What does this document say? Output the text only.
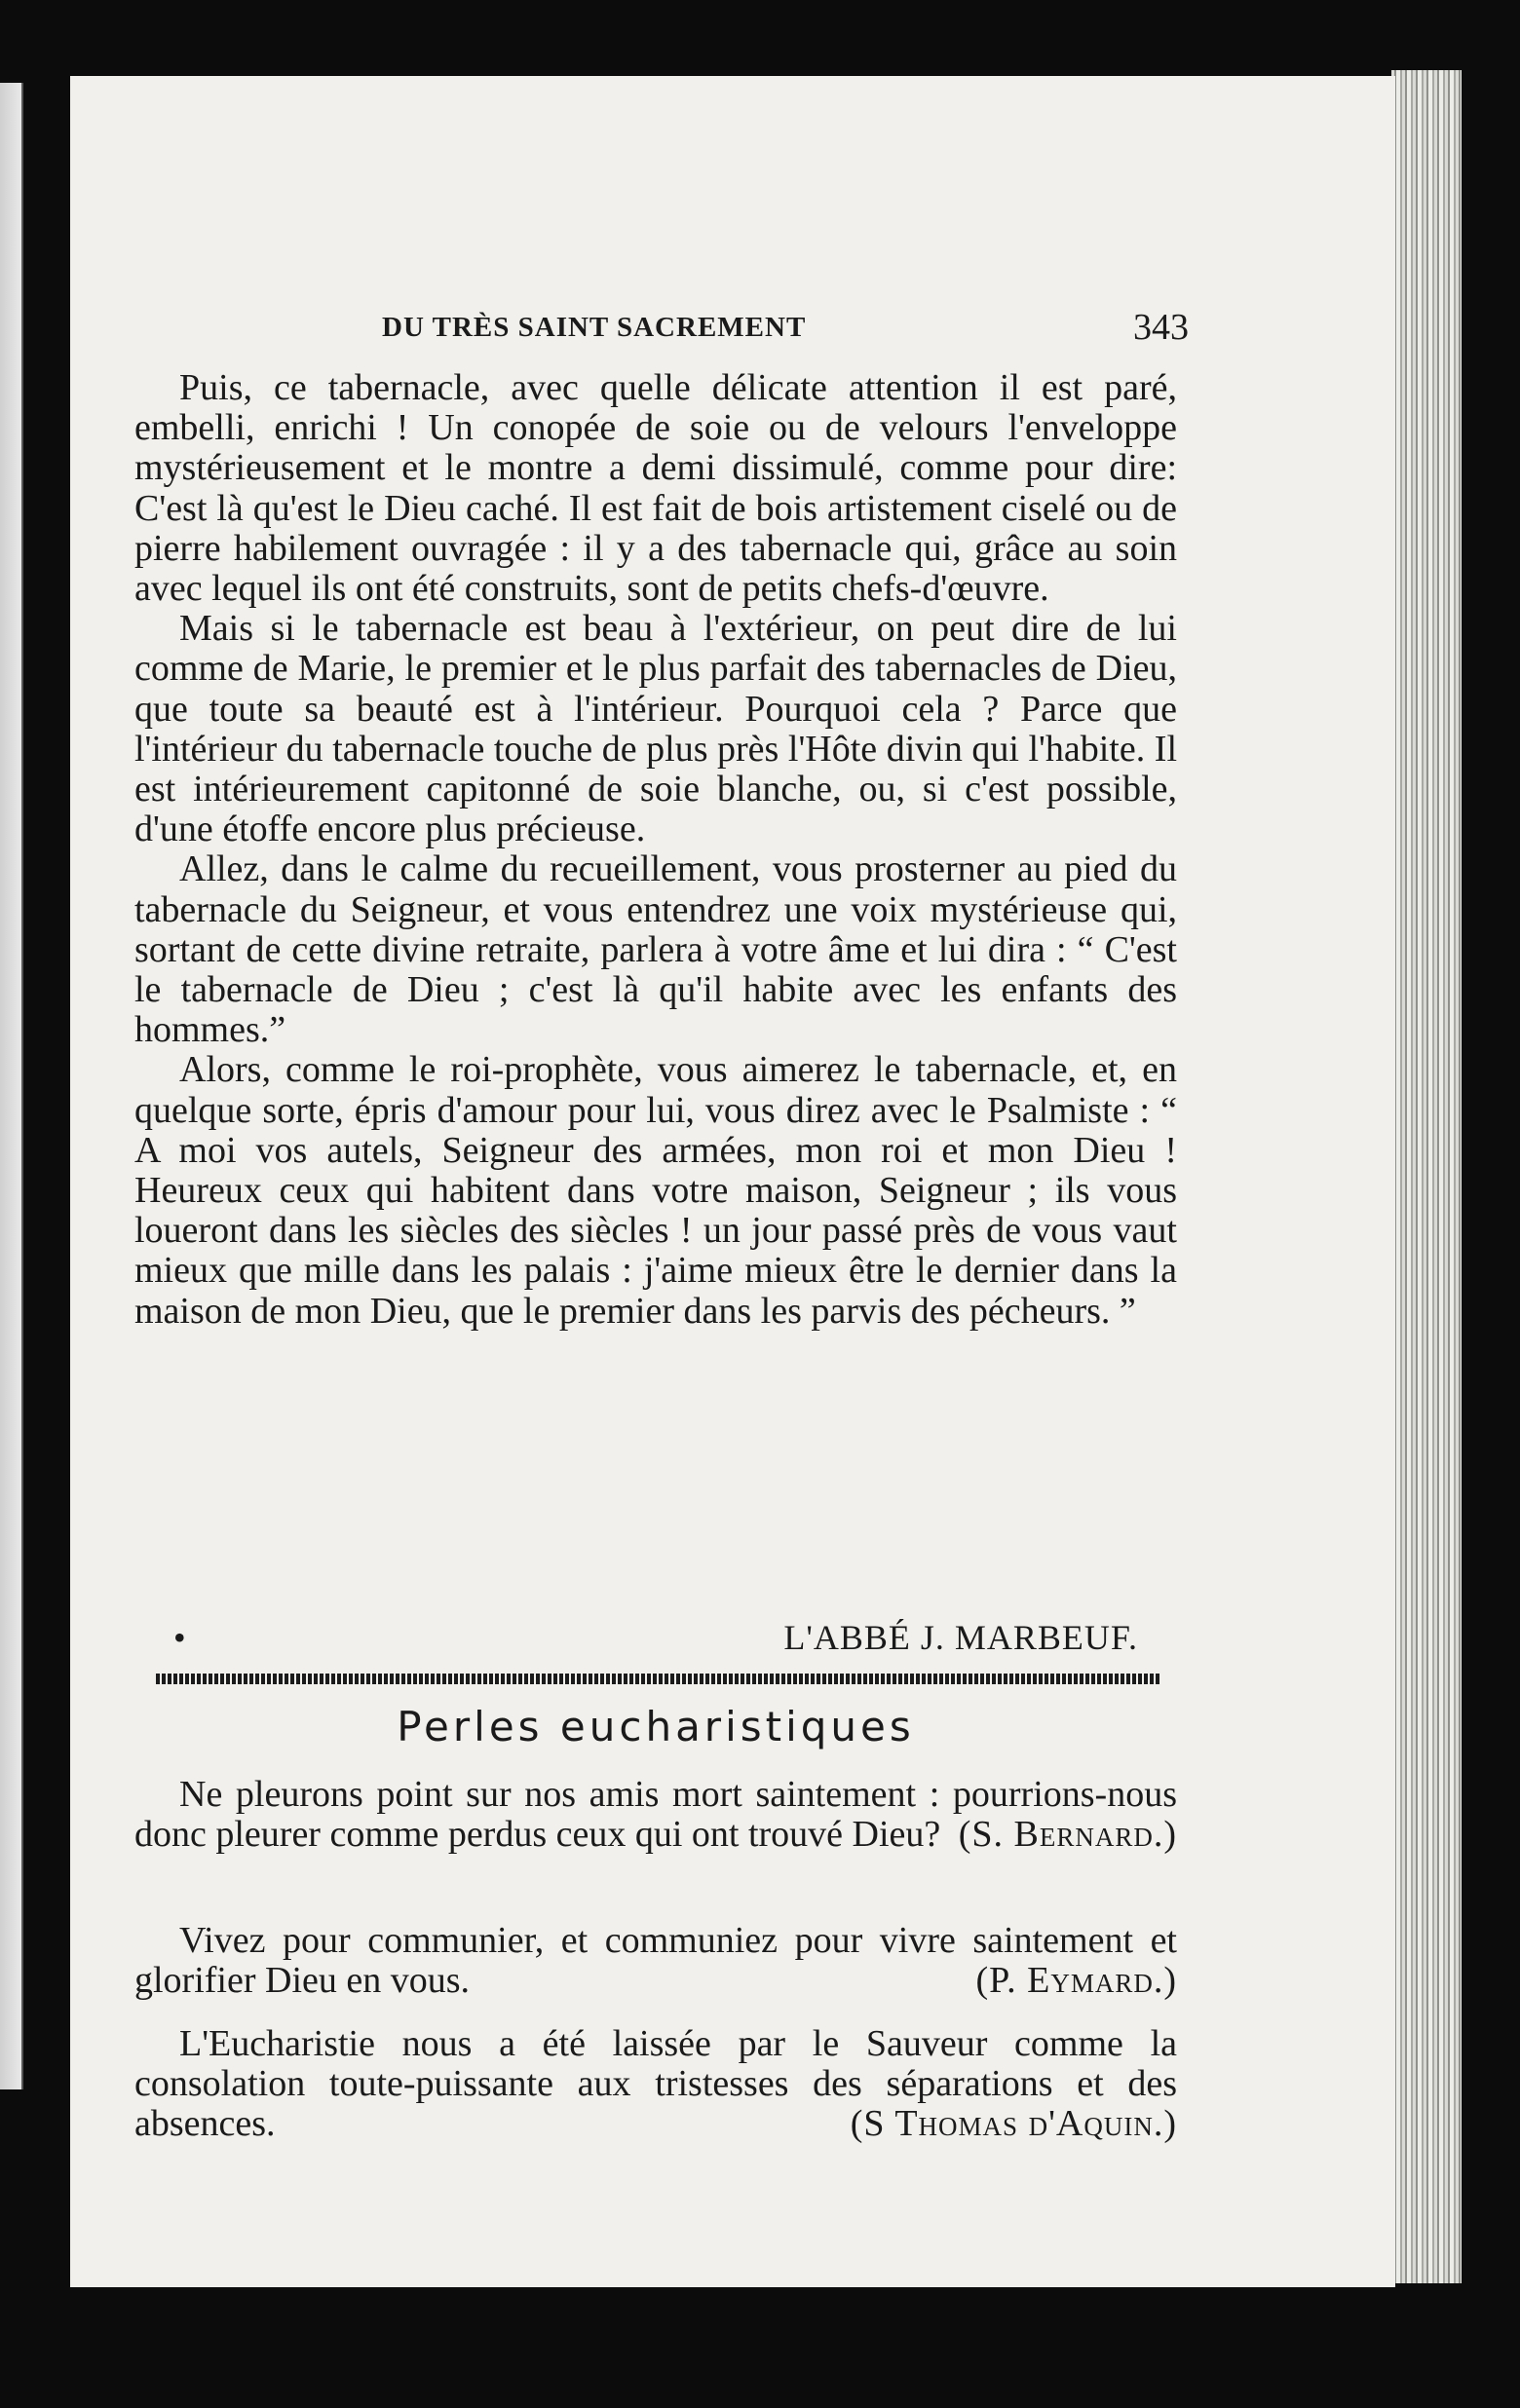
DU TRÈS SAINT SACREMENT	343

Puis, ce tabernacle, avec quelle délicate attention il est paré, embelli, enrichi ! Un conopée de soie ou de velours l'enveloppe mystérieusement et le montre a demi dissimulé, comme pour dire: C'est là qu'est le Dieu caché. Il est fait de bois artistement ciselé ou de pierre habilement ouvragée : il y a des tabernacle qui, grâce au soin avec lequel ils ont été construits, sont de petits chefs-d'œuvre.

Mais si le tabernacle est beau à l'extérieur, on peut dire de lui comme de Marie, le premier et le plus parfait des tabernacles de Dieu, que toute sa beauté est à l'intérieur. Pourquoi cela ? Parce que l'intérieur du tabernacle touche de plus près l'Hôte divin qui l'habite. Il est intérieurement capitonné de soie blanche, ou, si c'est possible, d'une étoffe encore plus précieuse.

Allez, dans le calme du recueillement, vous prosterner au pied du tabernacle du Seigneur, et vous entendrez une voix mystérieuse qui, sortant de cette divine retraite, parlera à votre âme et lui dira : “ C'est le tabernacle de Dieu ; c'est là qu'il habite avec les enfants des hommes.”

Alors, comme le roi-prophète, vous aimerez le tabernacle, et, en quelque sorte, épris d'amour pour lui, vous direz avec le Psalmiste : “ A moi vos autels, Seigneur des armées, mon roi et mon Dieu ! Heureux ceux qui habitent dans votre maison, Seigneur ; ils vous loueront dans les siècles des siècles ! un jour passé près de vous vaut mieux que mille dans les palais : j'aime mieux être le dernier dans la maison de mon Dieu, que le premier dans les parvis des pécheurs. ”

•	L'ABBÉ J. MARBEUF.
Perles eucharistiques
Ne pleurons point sur nos amis mort saintement : pourrions-nous donc pleurer comme perdus ceux qui ont trouvé Dieu? (S. Bernard.)
Vivez pour communier, et communiez pour vivre saintement et glorifier Dieu en vous.	(P. Eymard.)
L'Eucharistie nous a été laissée par le Sauveur comme la consolation toute-puissante aux tristesses des séparations et des absences.	(S Thomas d'Aquin.)
